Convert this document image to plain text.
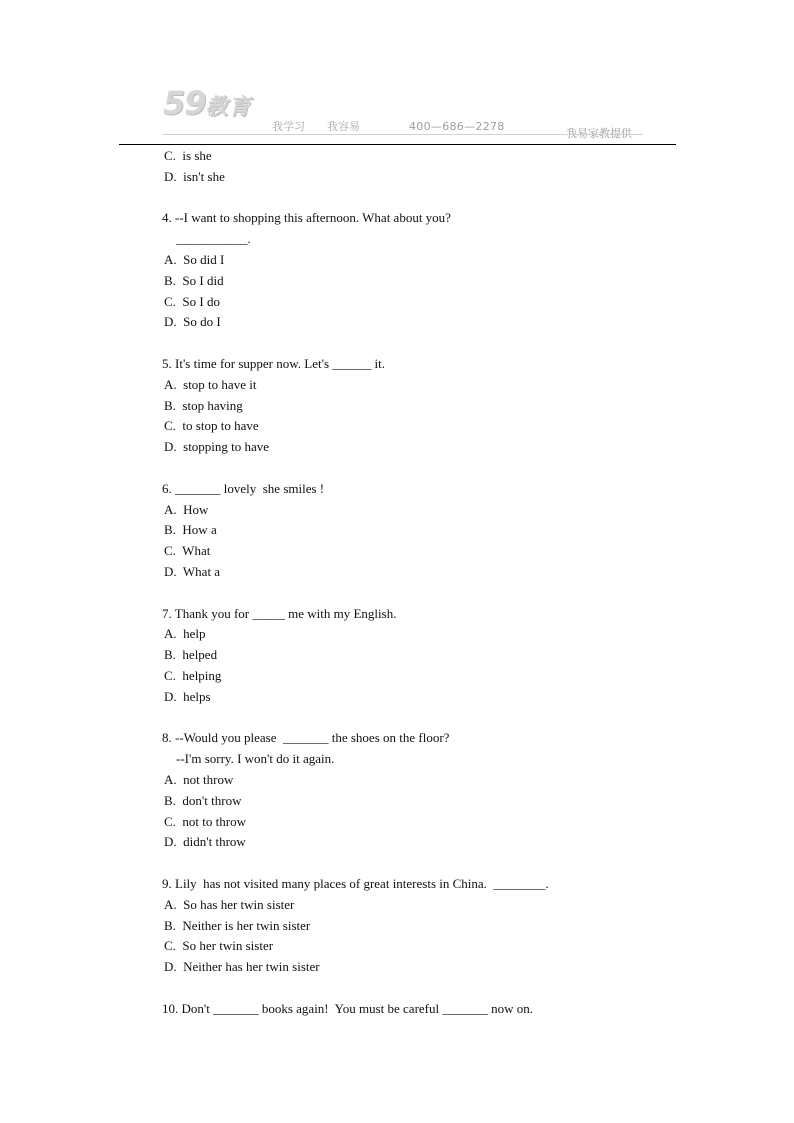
59教育
我学习 我容易	400—686—2278
我易家教提供
C.  is she
D.  isn't she
4. --I want to shopping this afternoon. What about you?
___________.
A.  So did I
B.  So I did
C.  So I do
D.  So do I
5. It's time for supper now. Let's ______ it.
A.  stop to have it
B.  stop having
C.  to stop to have
D.  stopping to have
6. _______ lovely  she smiles !
A.  How
B.  How a
C.  What
D.  What a
7. Thank you for _____ me with my English.
A.  help
B.  helped
C.  helping
D.  helps
8. --Would you please  _______ the shoes on the floor?
--I'm sorry. I won't do it again.
A.  not throw
B.  don't throw
C.  not to throw
D.  didn't throw
9. Lily  has not visited many places of great interests in China.  ________.
A.  So has her twin sister
B.  Neither is her twin sister
C.  So her twin sister
D.  Neither has her twin sister
10. Don't _______ books again!  You must be careful _______ now on.
